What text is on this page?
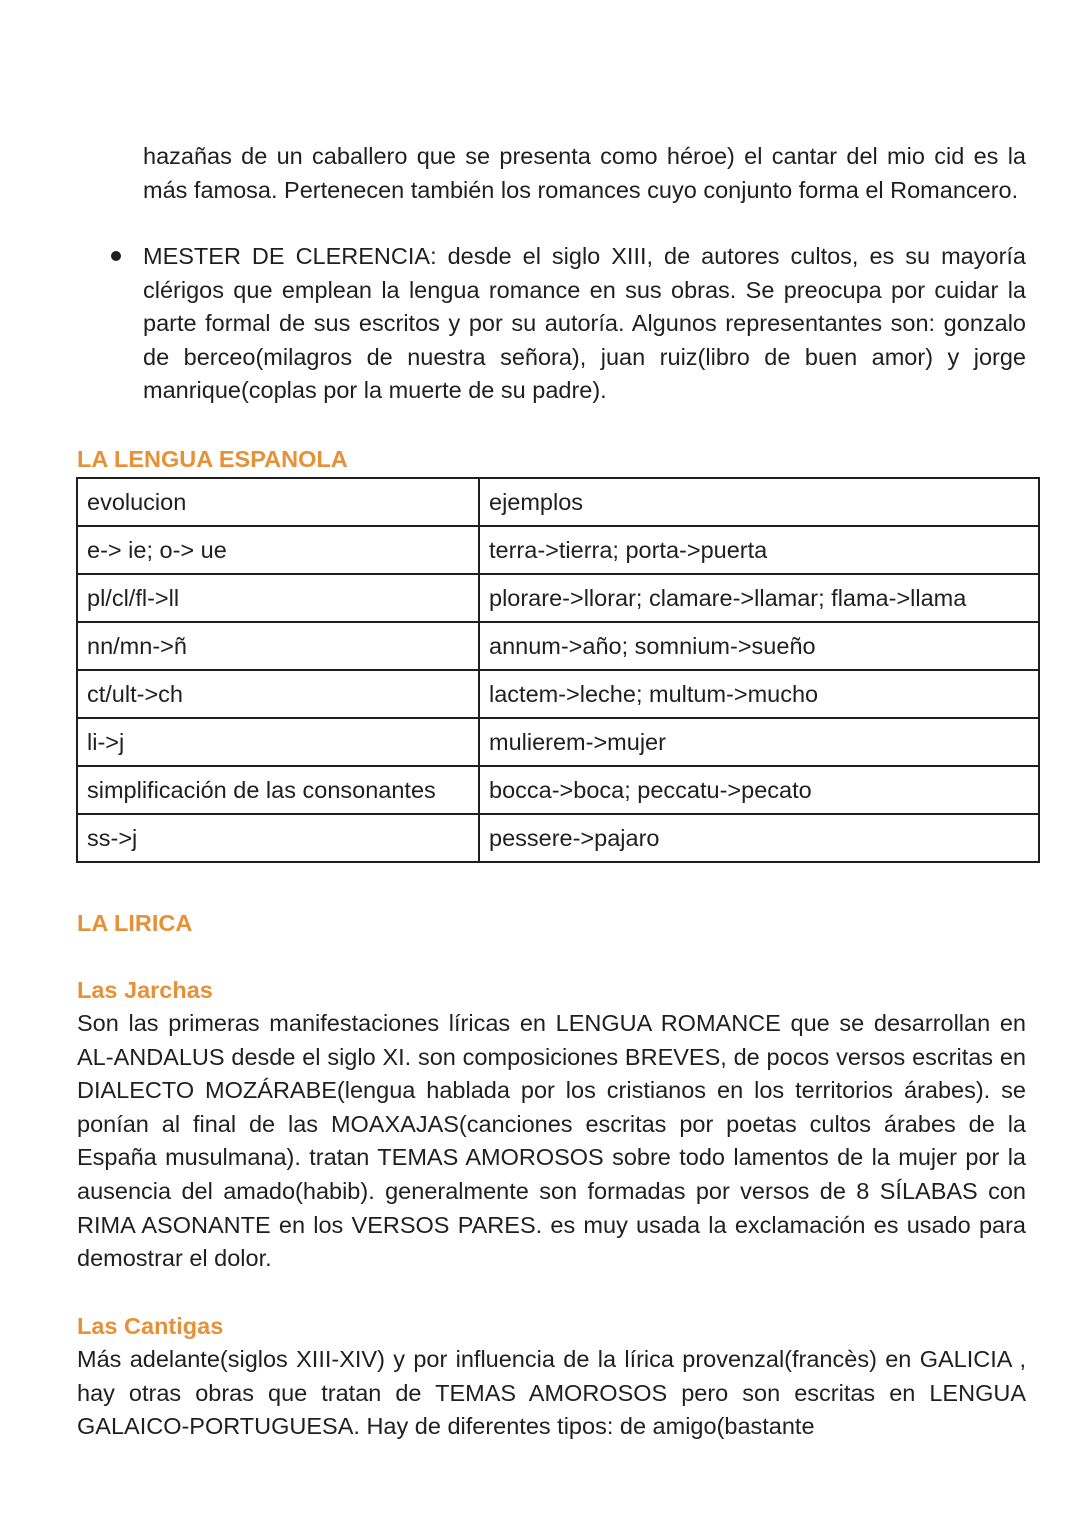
hazañas de un caballero que se presenta como héroe) el cantar del mio cid es la más famosa. Pertenecen también los romances cuyo conjunto forma el Romancero.

MESTER DE CLERENCIA: desde el siglo XIII, de autores cultos, es su mayoría clérigos que emplean la lengua romance en sus obras. Se preocupa por cuidar la parte formal de sus escritos y por su autoría. Algunos representantes son: gonzalo de berceo(milagros de nuestra señora), juan ruiz(libro de buen amor) y jorge manrique(coplas por la muerte de su padre).

LA LENGUA ESPANOLA
evolucion	ejemplos
e-> ie; o-> ue	terra->tierra; porta->puerta
pl/cl/fl->ll	plorare->llorar; clamare->llamar; flama->llama
nn/mn->ñ	annum->año; somnium->sueño
ct/ult->ch	lactem->leche; multum->mucho
li->j	mulierem->mujer
simplificación de las consonantes	bocca->boca; peccatu->pecato
ss->j	pessere->pajaro
LA LIRICA
Las Jarchas

Son las primeras manifestaciones líricas en LENGUA ROMANCE que se desarrollan en AL-ANDALUS desde el siglo XI. son composiciones BREVES, de pocos versos escritas en DIALECTO MOZÁRABE(lengua hablada por los cristianos en los territorios árabes). se ponían al final de las MOAXAJAS(canciones escritas por poetas cultos árabes de la España musulmana). tratan TEMAS AMOROSOS sobre todo lamentos de la mujer por la ausencia del amado(habib). generalmente son formadas por versos de 8 SÍLABAS con RIMA ASONANTE en los VERSOS PARES. es muy usada la exclamación es usado para demostrar el dolor.

Las Cantigas

Más adelante(siglos XIII-XIV) y por influencia de la lírica provenzal(francès) en GALICIA , hay otras obras que tratan de TEMAS AMOROSOS pero son escritas en LENGUA GALAICO-PORTUGUESA. Hay de diferentes tipos: de amigo(bastante
